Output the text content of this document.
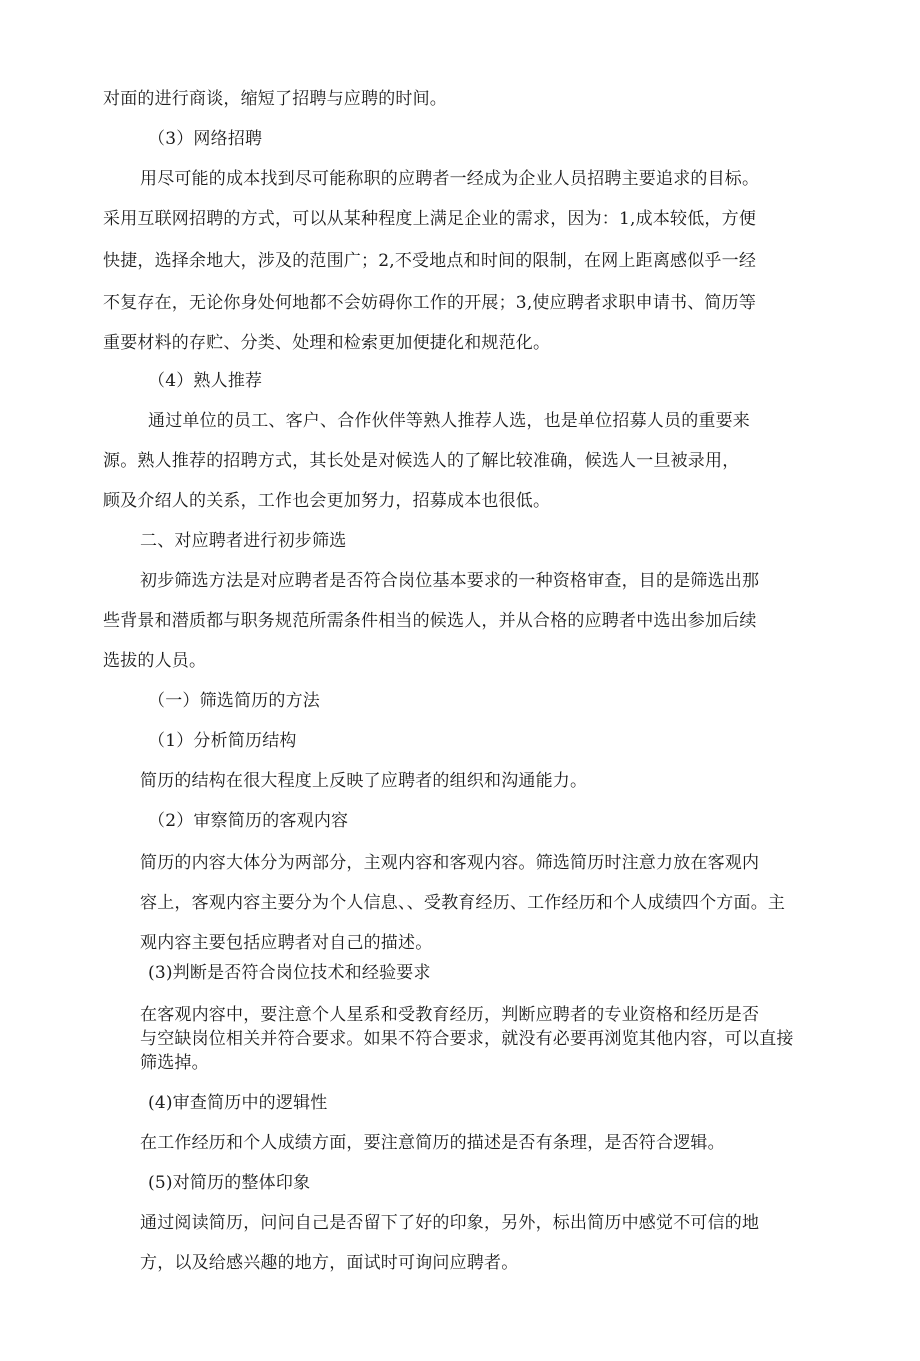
对面的进行商谈，缩短了招聘与应聘的时间。
（3）网络招聘
用尽可能的成本找到尽可能称职的应聘者一经成为企业人员招聘主要追求的目标。
采用互联网招聘的方式，可以从某种程度上满足企业的需求，因为：1,成本较低，方便
快捷，选择余地大，涉及的范围广；2,不受地点和时间的限制，在网上距离感似乎一经
不复存在，无论你身处何地都不会妨碍你工作的开展；3,使应聘者求职申请书、简历等
重要材料的存贮、分类、处理和检索更加便捷化和规范化。
（4）熟人推荐
通过单位的员工、客户、合作伙伴等熟人推荐人选，也是单位招募人员的重要来
源。熟人推荐的招聘方式，其长处是对候选人的了解比较准确，候选人一旦被录用，
顾及介绍人的关系，工作也会更加努力，招募成本也很低。
二、对应聘者进行初步筛选
初步筛选方法是对应聘者是否符合岗位基本要求的一种资格审查，目的是筛选出那
些背景和潜质都与职务规范所需条件相当的候选人，并从合格的应聘者中选出参加后续
选拔的人员。
（一）筛选简历的方法
（1）分析简历结构
简历的结构在很大程度上反映了应聘者的组织和沟通能力。
（2）审察简历的客观内容
简历的内容大体分为两部分，主观内容和客观内容。筛选简历时注意力放在客观内
容上，客观内容主要分为个人信息、、受教育经历、工作经历和个人成绩四个方面。主
观内容主要包括应聘者对自己的描述。
(3)判断是否符合岗位技术和经验要求
在客观内容中，要注意个人星系和受教育经历，判断应聘者的专业资格和经历是否
与空缺岗位相关并符合要求。如果不符合要求，就没有必要再浏览其他内容，可以直接
筛选掉。
(4)审查简历中的逻辑性
在工作经历和个人成绩方面，要注意简历的描述是否有条理，是否符合逻辑。
(5)对简历的整体印象
通过阅读简历，问问自己是否留下了好的印象，另外，标出简历中感觉不可信的地
方，以及给感兴趣的地方，面试时可询问应聘者。
